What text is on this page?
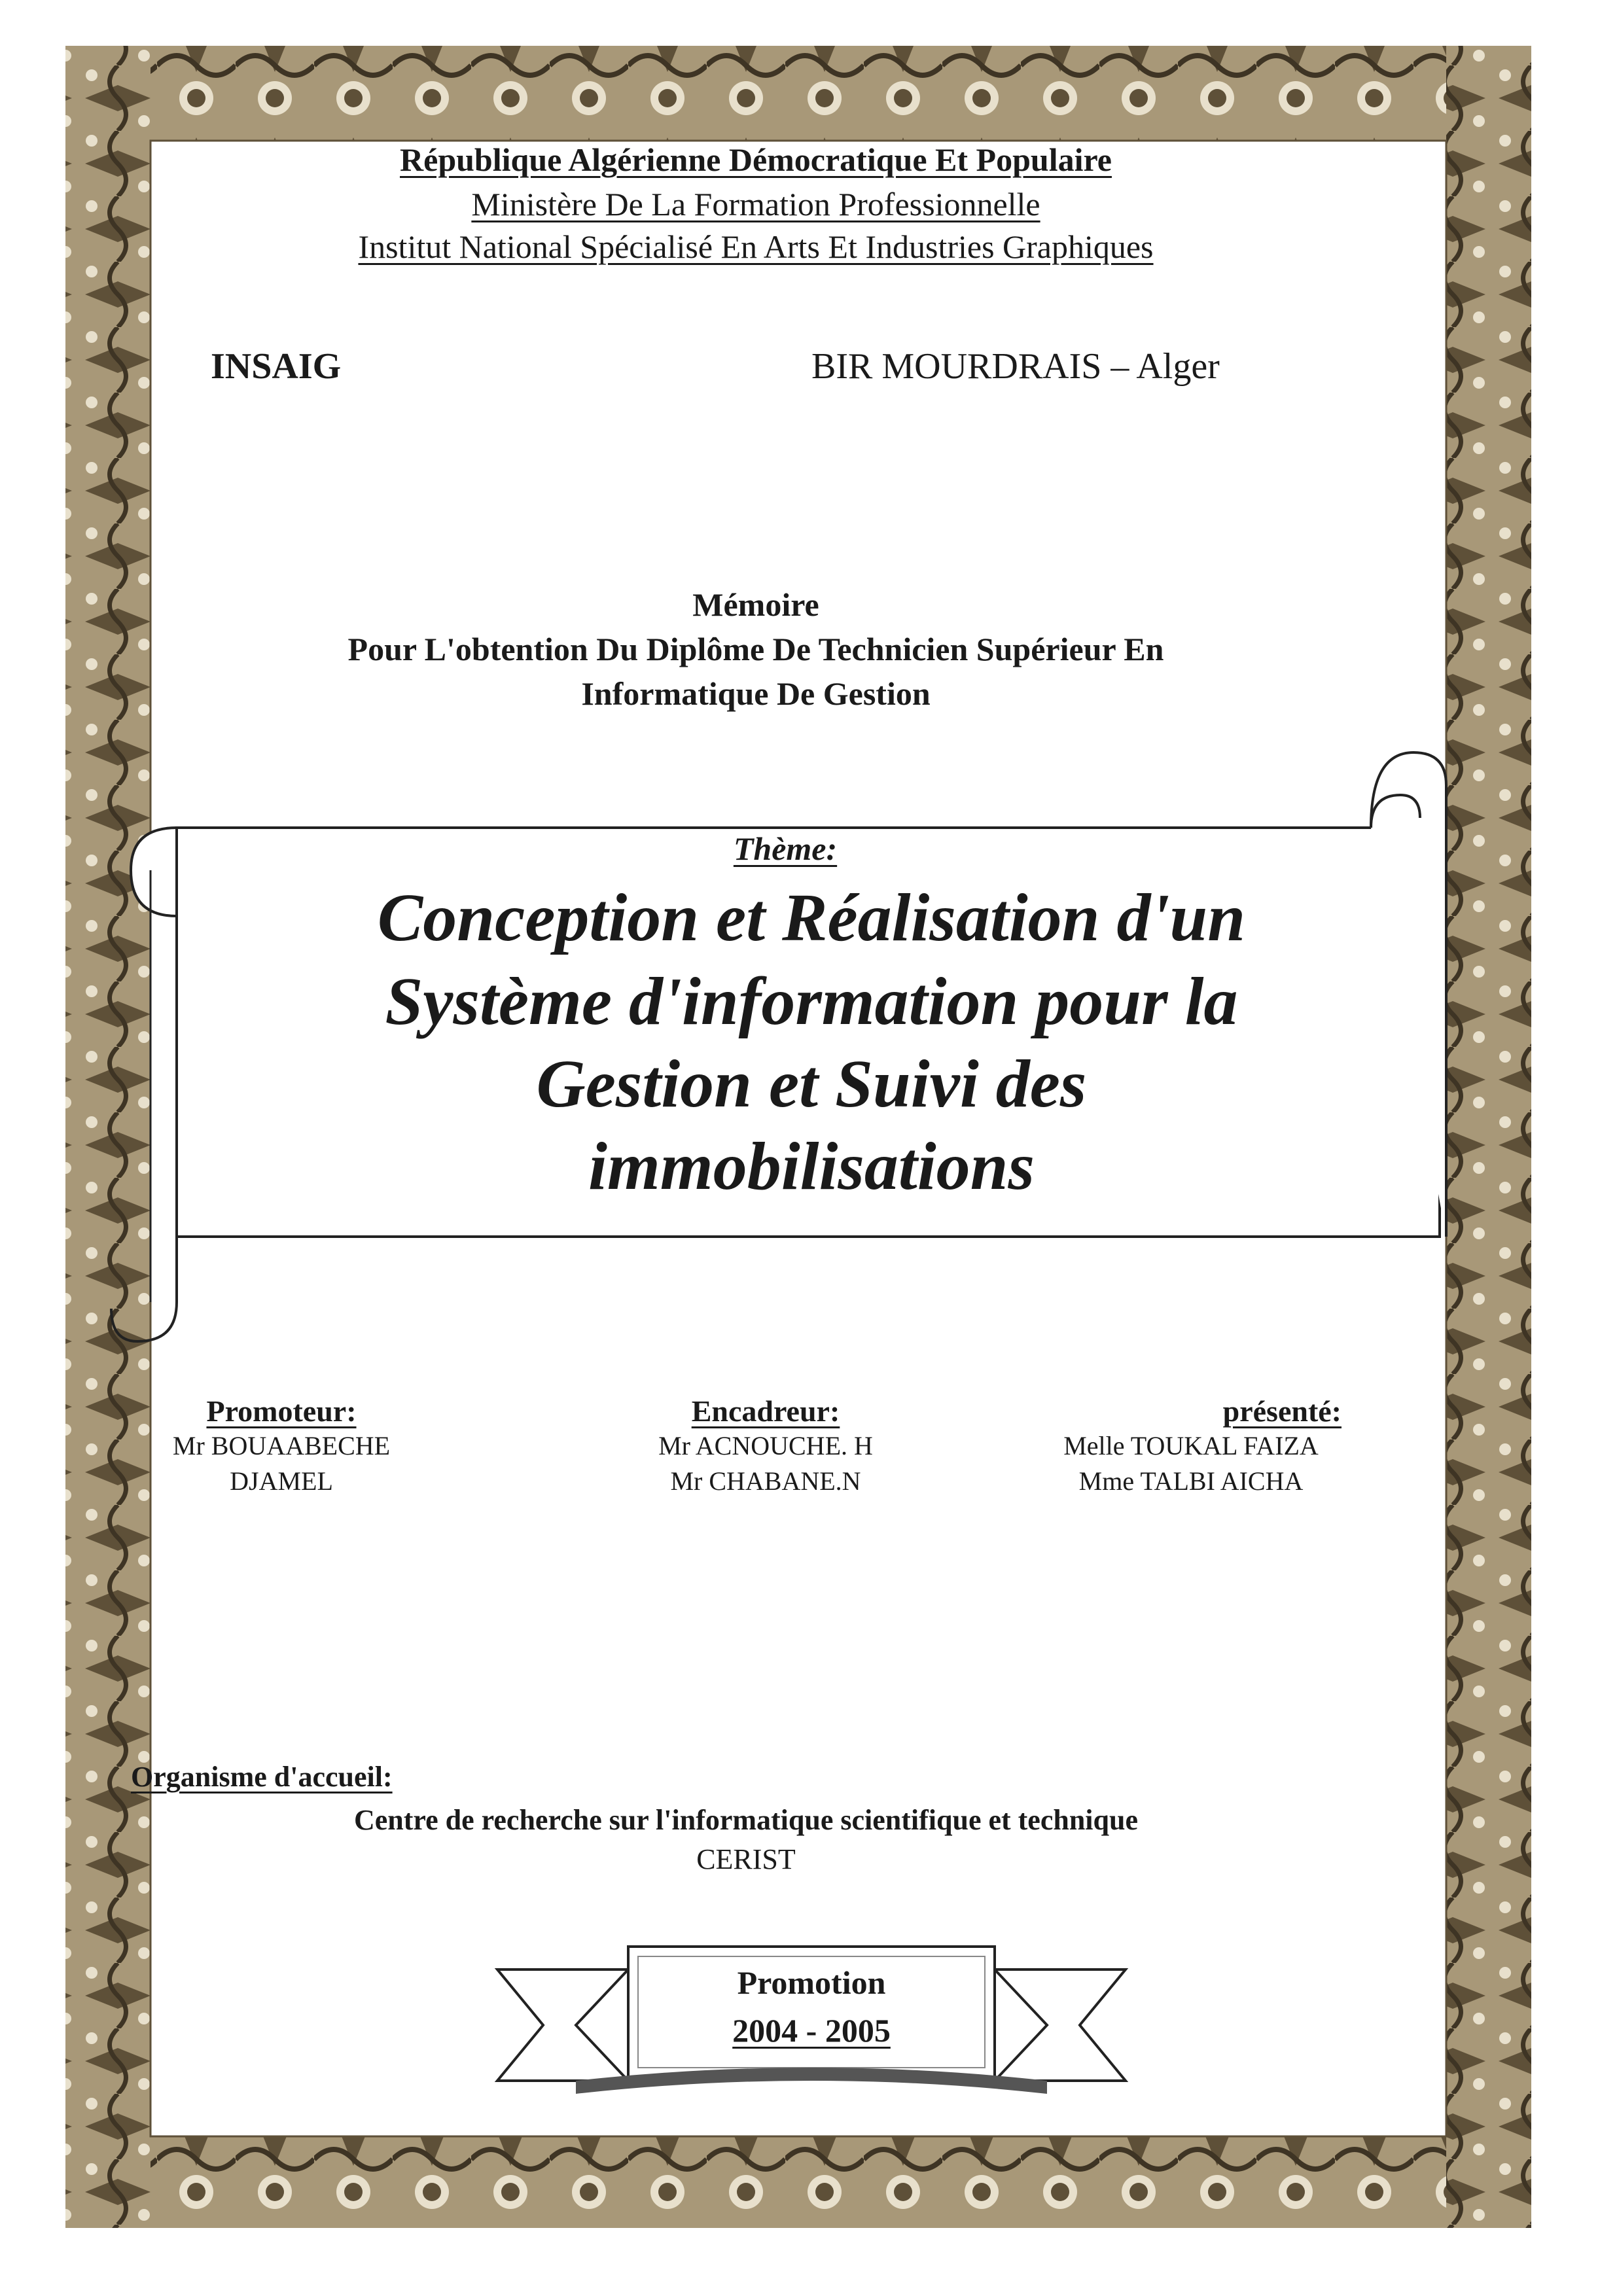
République Algérienne Démocratique Et Populaire
Ministère De La Formation Professionnelle
Institut National Spécialisé En Arts Et Industries Graphiques
INSAIG	BIR MOURDRAIS – Alger
Mémoire
Pour L'obtention Du Diplôme De Technicien Supérieur En
Informatique De Gestion
Thème:
Conception et Réalisation d'un
Système d'information pour la
Gestion et Suivi des
immobilisations
Promoteur:
Mr BOUAABECHE
DJAMEL
Encadreur:
Mr ACNOUCHE. H
Mr CHABANE.N
présenté:
Melle TOUKAL FAIZA
Mme TALBI AICHA
Organisme d'accueil:
Centre de recherche sur l'informatique scientifique et technique
CERIST
Promotion
2004 - 2005
